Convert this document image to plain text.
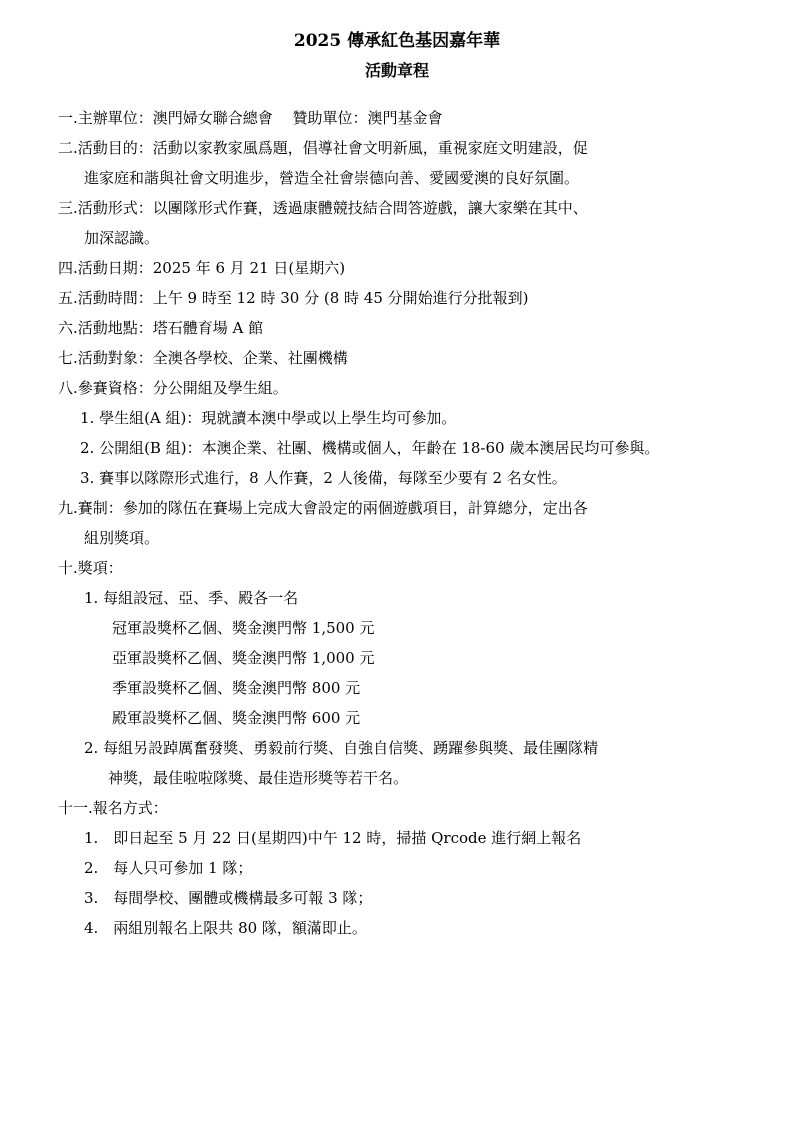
2025 傳承紅色基因嘉年華
活動章程
一.主辦單位：澳門婦女聯合總會　 贊助單位：澳門基金會
二.活動目的：活動以家教家風爲題，倡導社會文明新風，重視家庭文明建設，促
進家庭和諧與社會文明進步，營造全社會崇德向善、愛國愛澳的良好氛圍。
三.活動形式：以團隊形式作賽，透過康體競技結合問答遊戲，讓大家樂在其中、
加深認識。
四.活動日期：2025 年 6 月 21 日(星期六)
五.活動時間：上午 9 時至 12 時 30 分 (8 時 45 分開始進行分批報到)
六.活動地點：塔石體育場 A 館
七.活動對象：全澳各學校、企業、社團機構
八.參賽資格：分公開組及學生組。
1. 學生組(A 組)：現就讀本澳中學或以上學生均可參加。
2. 公開組(B 組)：本澳企業、社團、機構或個人，年齡在 18-60 歲本澳居民均可參與。
3. 賽事以隊際形式進行，8 人作賽，2 人後備，每隊至少要有 2 名女性。
九.賽制：參加的隊伍在賽場上完成大會設定的兩個遊戲項目，計算總分，定出各
組別獎項。
十.獎項：
1. 每組設冠、亞、季、殿各一名
冠軍設獎杯乙個、獎金澳門幣 1,500 元
亞軍設獎杯乙個、獎金澳門幣 1,000 元
季軍設獎杯乙個、獎金澳門幣 800 元
殿軍設獎杯乙個、獎金澳門幣 600 元
2. 每組另設踔厲奮發獎、勇毅前行獎、自強自信獎、踴躍參與獎、最佳團隊精
神獎，最佳啦啦隊獎、最佳造形獎等若干名。
十一.報名方式：
1.　即日起至 5 月 22 日(星期四)中午 12 時，掃描 Qrcode 進行網上報名
2.　每人只可參加 1 隊；
3.　每間學校、團體或機構最多可報 3 隊；
4.　兩組別報名上限共 80 隊，額滿即止。
